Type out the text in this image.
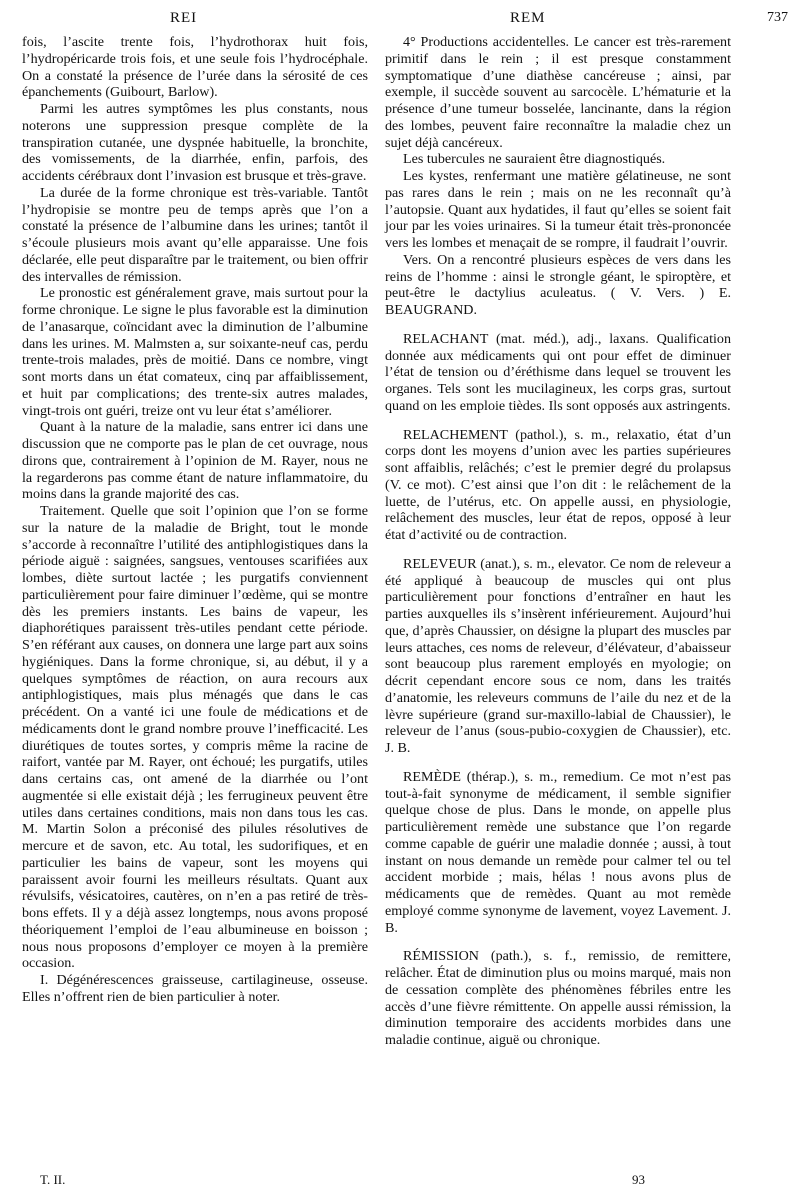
REI	REM	737

fois, l’ascite trente fois, l’hydrothorax huit fois, l’hydropéricarde trois fois, et une seule fois l’hydrocéphale. On a constaté la présence de l’urée dans la sérosité de ces épanchements (Guibourt, Barlow).

Parmi les autres symptômes les plus constants, nous noterons une suppression presque complète de la transpiration cutanée, une dyspnée habituelle, la bronchite, des vomissements, de la diarrhée, enfin, parfois, des accidents cérébraux dont l’invasion est brusque et très-grave.

La durée de la forme chronique est très-variable. Tantôt l’hydropisie se montre peu de temps après que l’on a constaté la présence de l’albumine dans les urines; tantôt il s’écoule plusieurs mois avant qu’elle apparaisse. Une fois déclarée, elle peut disparaître par le traitement, ou bien offrir des intervalles de rémission.

Le pronostic est généralement grave, mais surtout pour la forme chronique. Le signe le plus favorable est la diminution de l’anasarque, coïncidant avec la diminution de l’albumine dans les urines. M. Malmsten a, sur soixante-neuf cas, perdu trente-trois malades, près de moitié. Dans ce nombre, vingt sont morts dans un état comateux, cinq par affaiblissement, et huit par complications; des trente-six autres malades, vingt-trois ont guéri, treize ont vu leur état s’améliorer.

Quant à la nature de la maladie, sans entrer ici dans une discussion que ne comporte pas le plan de cet ouvrage, nous dirons que, contrairement à l’opinion de M. Rayer, nous ne la regarderons pas comme étant de nature inflammatoire, du moins dans la grande majorité des cas.

Traitement. Quelle que soit l’opinion que l’on se forme sur la nature de la maladie de Bright, tout le monde s’accorde à reconnaître l’utilité des antiphlogistiques dans la période aiguë : saignées, sangsues, ventouses scarifiées aux lombes, diète surtout lactée ; les purgatifs conviennent particulièrement pour faire diminuer l’œdème, qui se montre dès les premiers instants. Les bains de vapeur, les diaphorétiques paraissent très-utiles pendant cette période. S’en référant aux causes, on donnera une large part aux soins hygiéniques. Dans la forme chronique, si, au début, il y a quelques symptômes de réaction, on aura recours aux antiphlogistiques, mais plus ménagés que dans le cas précédent. On a vanté ici une foule de médications et de médicaments dont le grand nombre prouve l’inefficacité. Les diurétiques de toutes sortes, y compris même la racine de raifort, vantée par M. Rayer, ont échoué; les purgatifs, utiles dans certains cas, ont amené de la diarrhée ou l’ont augmentée si elle existait déjà ; les ferrugineux peuvent être utiles dans certaines conditions, mais non dans tous les cas. M. Martin Solon a préconisé des pilules résolutives de mercure et de savon, etc. Au total, les sudorifiques, et en particulier les bains de vapeur, sont les moyens qui paraissent avoir fourni les meilleurs résultats. Quant aux révulsifs, vésicatoires, cautères, on n’en a pas retiré de très-bons effets. Il y a déjà assez longtemps, nous avons proposé théoriquement l’emploi de l’eau albumineuse en boisson ; nous nous proposons d’employer ce moyen à la première occasion.

I. Dégénérescences graisseuse, cartilagineuse, osseuse. Elles n’offrent rien de bien particulier à noter.

4° Productions accidentelles. Le cancer est très-rarement primitif dans le rein ; il est presque constamment symptomatique d’une diathèse cancéreuse ; ainsi, par exemple, il succède souvent au sarcocèle. L’hématurie et la présence d’une tumeur bosselée, lancinante, dans la région des lombes, peuvent faire reconnaître la maladie chez un sujet déjà cancéreux.

Les tubercules ne sauraient être diagnostiqués.

Les kystes, renfermant une matière gélatineuse, ne sont pas rares dans le rein ; mais on ne les reconnaît qu’à l’autopsie. Quant aux hydatides, il faut qu’elles se soient fait jour par les voies urinaires. Si la tumeur était très-prononcée vers les lombes et menaçait de se rompre, il faudrait l’ouvrir.

Vers. On a rencontré plusieurs espèces de vers dans les reins de l’homme : ainsi le strongle géant, le spiroptère, et peut-être le dactylius aculeatus. ( V. Vers. ) E. BEAUGRAND.

RELACHANT (mat. méd.), adj., laxans. Qualification donnée aux médicaments qui ont pour effet de diminuer l’état de tension ou d’éréthisme dans lequel se trouvent les organes. Tels sont les mucilagineux, les corps gras, surtout quand on les emploie tièdes. Ils sont opposés aux astringents.

RELACHEMENT (pathol.), s. m., relaxatio, état d’un corps dont les moyens d’union avec les parties supérieures sont affaiblis, relâchés; c’est le premier degré du prolapsus (V. ce mot). C’est ainsi que l’on dit : le relâchement de la luette, de l’utérus, etc. On appelle aussi, en physiologie, relâchement des muscles, leur état de repos, opposé à leur état d’activité ou de contraction.

RELEVEUR (anat.), s. m., elevator. Ce nom de releveur a été appliqué à beaucoup de muscles qui ont plus particulièrement pour fonctions d’entraîner en haut les parties auxquelles ils s’insèrent inférieurement. Aujourd’hui que, d’après Chaussier, on désigne la plupart des muscles par leurs attaches, ces noms de releveur, d’élévateur, d’abaisseur sont beaucoup plus rarement employés en myologie; on décrit cependant encore sous ce nom, dans les traités d’anatomie, les releveurs communs de l’aile du nez et de la lèvre supérieure (grand sur-maxillo-labial de Chaussier), le releveur de l’anus (sous-pubio-coxygien de Chaussier), etc. J. B.

REMÈDE (thérap.), s. m., remedium. Ce mot n’est pas tout-à-fait synonyme de médicament, il semble signifier quelque chose de plus. Dans le monde, on appelle plus particulièrement remède une substance que l’on regarde comme capable de guérir une maladie donnée ; aussi, à tout instant on nous demande un remède pour calmer tel ou tel accident morbide ; mais, hélas ! nous avons plus de médicaments que de remèdes. Quant au mot remède employé comme synonyme de lavement, voyez Lavement. J. B.

RÉMISSION (path.), s. f., remissio, de remittere, relâcher. État de diminution plus ou moins marqué, mais non de cessation complète des phénomènes fébriles entre les accès d’une fièvre rémittente. On appelle aussi rémission, la diminution temporaire des accidents morbides dans une maladie continue, aiguë ou chronique.

T. II.	93
